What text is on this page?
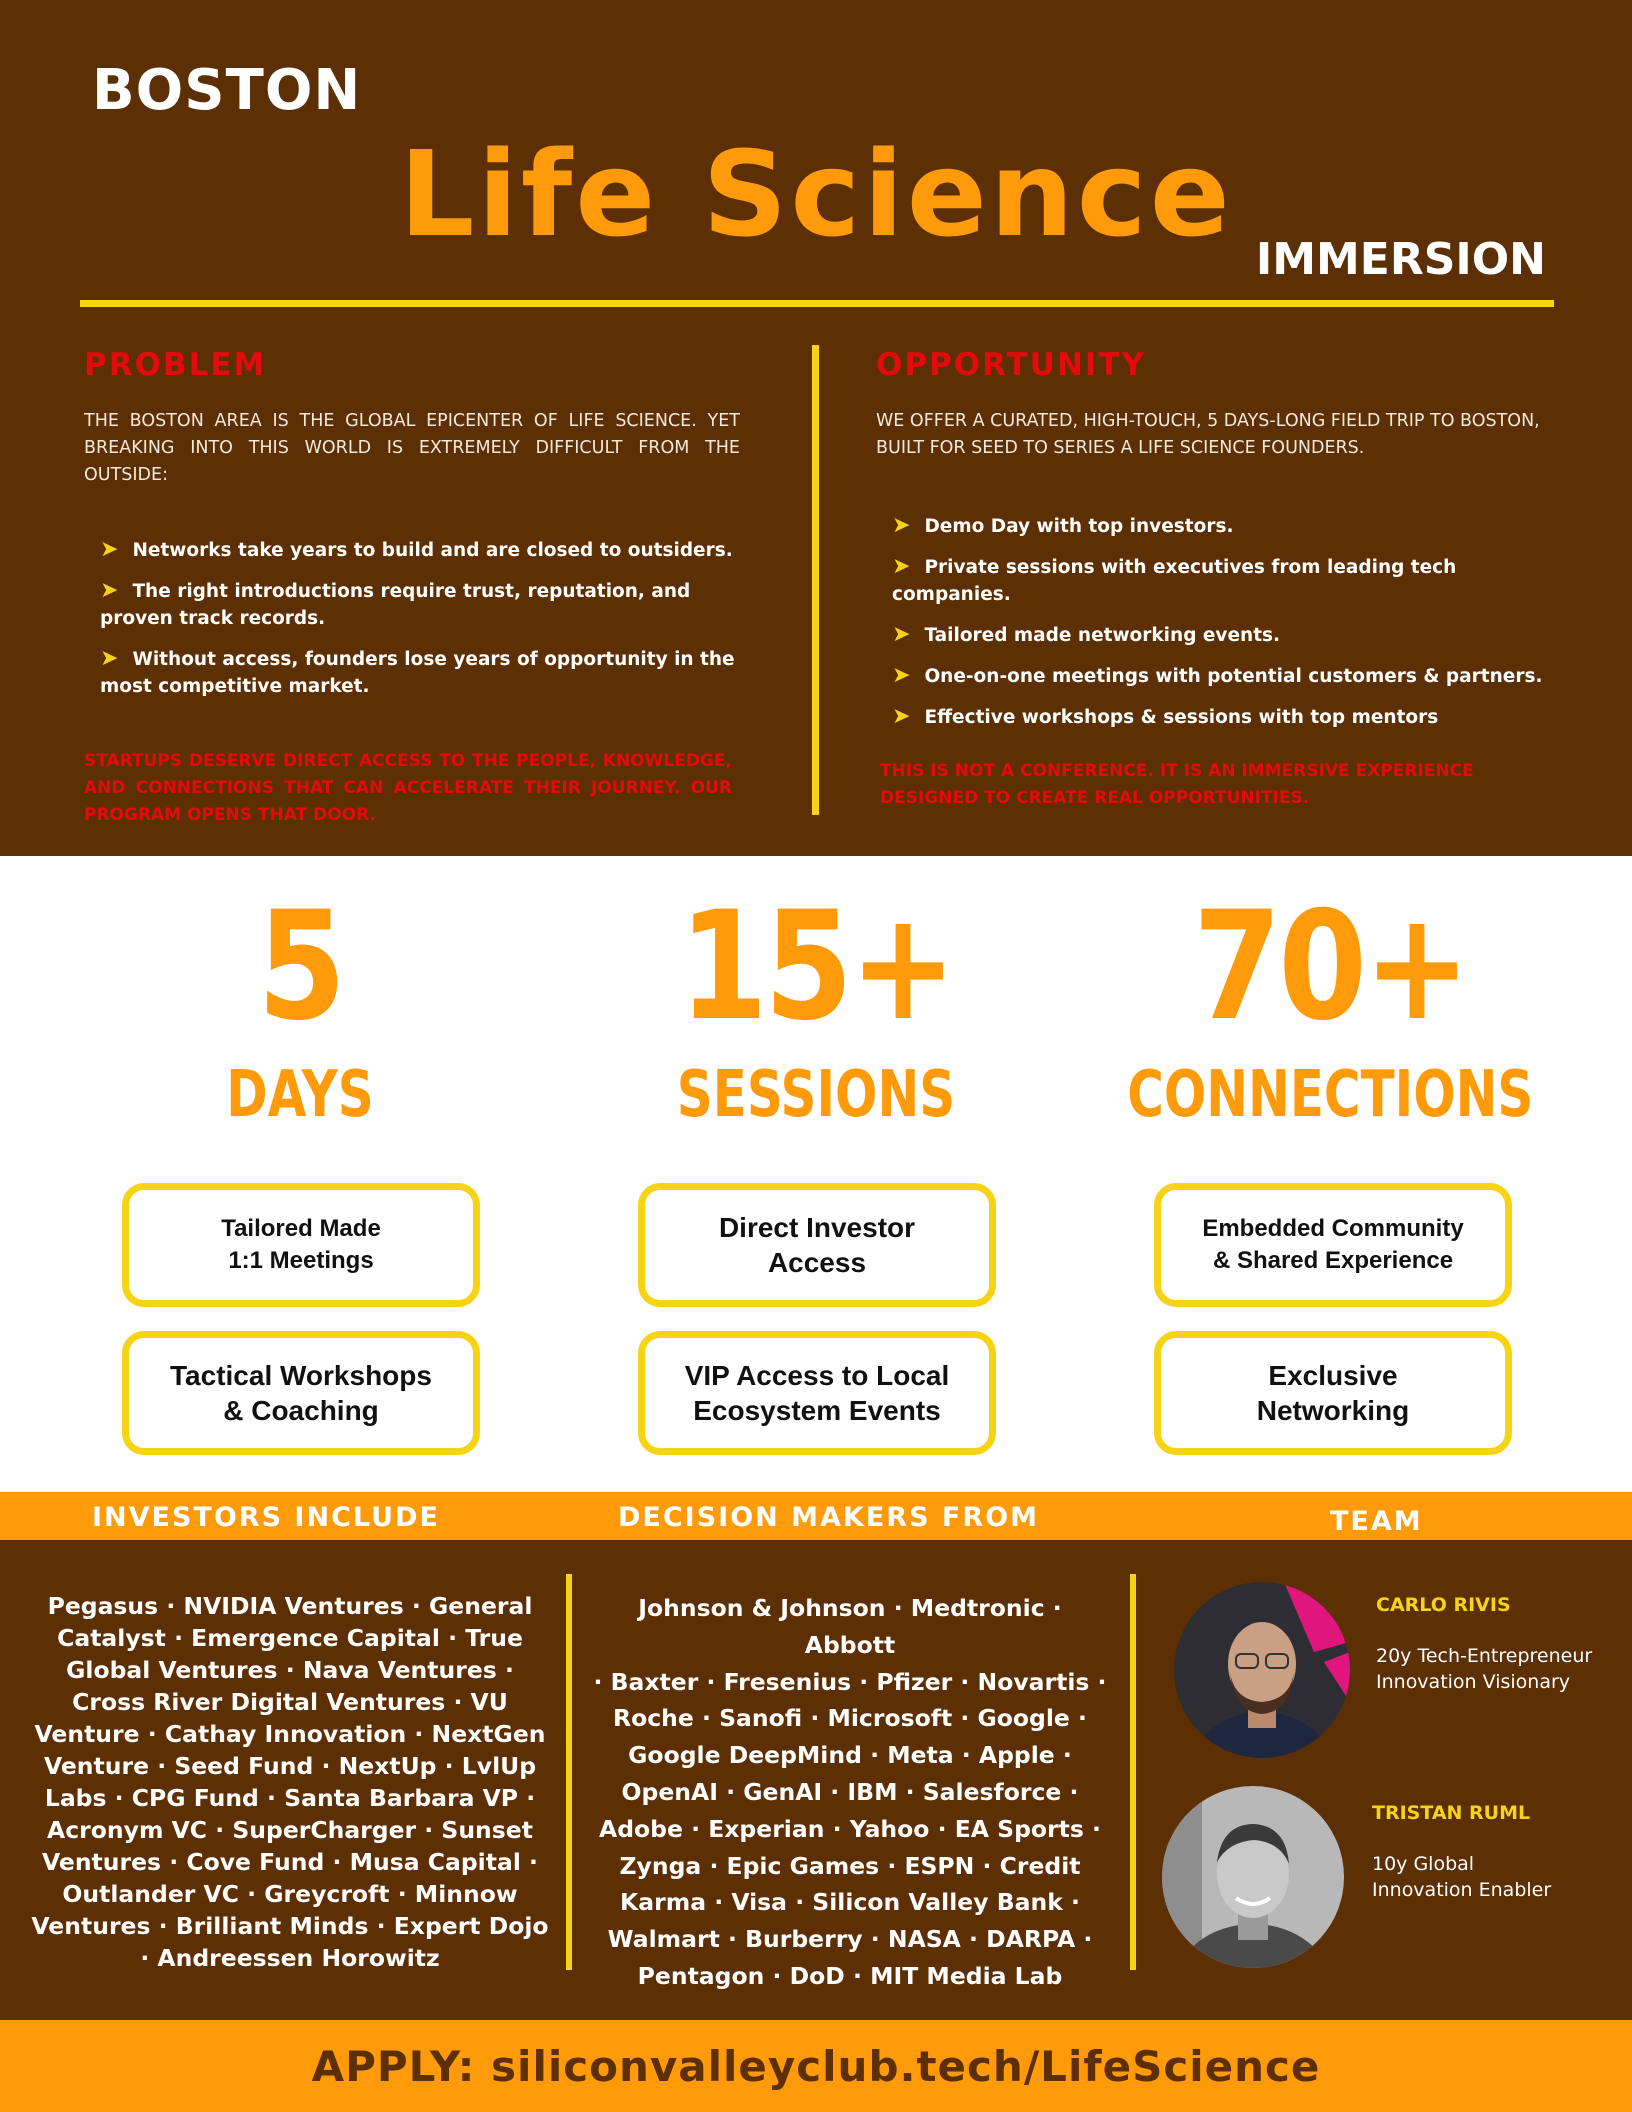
BOSTON
Life Science IMMERSION
PROBLEM
THE BOSTON AREA IS THE GLOBAL EPICENTER OF LIFE SCIENCE. YET BREAKING INTO THIS WORLD IS EXTREMELY DIFFICULT FROM THE OUTSIDE:
➤ Networks take years to build and are closed to outsiders.
➤ The right introductions require trust, reputation, and proven track records.
➤ Without access, founders lose years of opportunity in the most competitive market.
STARTUPS DESERVE DIRECT ACCESS TO THE PEOPLE, KNOWLEDGE, AND CONNECTIONS THAT CAN ACCELERATE THEIR JOURNEY. OUR PROGRAM OPENS THAT DOOR.
OPPORTUNITY
WE OFFER A CURATED, HIGH-TOUCH, 5 DAYS-LONG FIELD TRIP TO BOSTON, BUILT FOR SEED TO SERIES A LIFE SCIENCE FOUNDERS.
➤ Demo Day with top investors.
➤ Private sessions with executives from leading tech companies.
➤ Tailored made networking events.
➤ One-on-one meetings with potential customers & partners.
➤ Effective workshops & sessions with top mentors
THIS IS NOT A CONFERENCE. IT IS AN IMMERSIVE EXPERIENCE DESIGNED TO CREATE REAL OPPORTUNITIES.
5	15+	70+
DAYS	SESSIONS	CONNECTIONS
Tailored Made
1:1 Meetings
Direct Investor
Access
Embedded Community
& Shared Experience
Tactical Workshops
& Coaching
VIP Access to Local
Ecosystem Events
Exclusive
Networking
INVESTORS INCLUDE	DECISION MAKERS FROM	TEAM
Pegasus · NVIDIA Ventures · General
Catalyst · Emergence Capital · True
Global Ventures · Nava Ventures ·
Cross River Digital Ventures · VU
Venture · Cathay Innovation · NextGen
Venture · Seed Fund · NextUp · LvlUp
Labs · CPG Fund · Santa Barbara VP ·
Acronym VC · SuperCharger · Sunset
Ventures · Cove Fund · Musa Capital ·
Outlander VC · Greycroft · Minnow
Ventures · Brilliant Minds · Expert Dojo
· Andreessen Horowitz
Johnson & Johnson · Medtronic · Abbott
· Baxter · Fresenius · Pfizer · Novartis ·
Roche · Sanofi · Microsoft · Google ·
Google DeepMind · Meta · Apple ·
OpenAI · GenAI · IBM · Salesforce ·
Adobe · Experian · Yahoo · EA Sports ·
Zynga · Epic Games · ESPN · Credit
Karma · Visa · Silicon Valley Bank ·
Walmart · Burberry · NASA · DARPA ·
Pentagon · DoD · MIT Media Lab
CARLO RIVIS
20y Tech-Entrepreneur
Innovation Visionary
TRISTAN RUML
10y Global
Innovation Enabler
APPLY: siliconvalleyclub.tech/LifeScience
